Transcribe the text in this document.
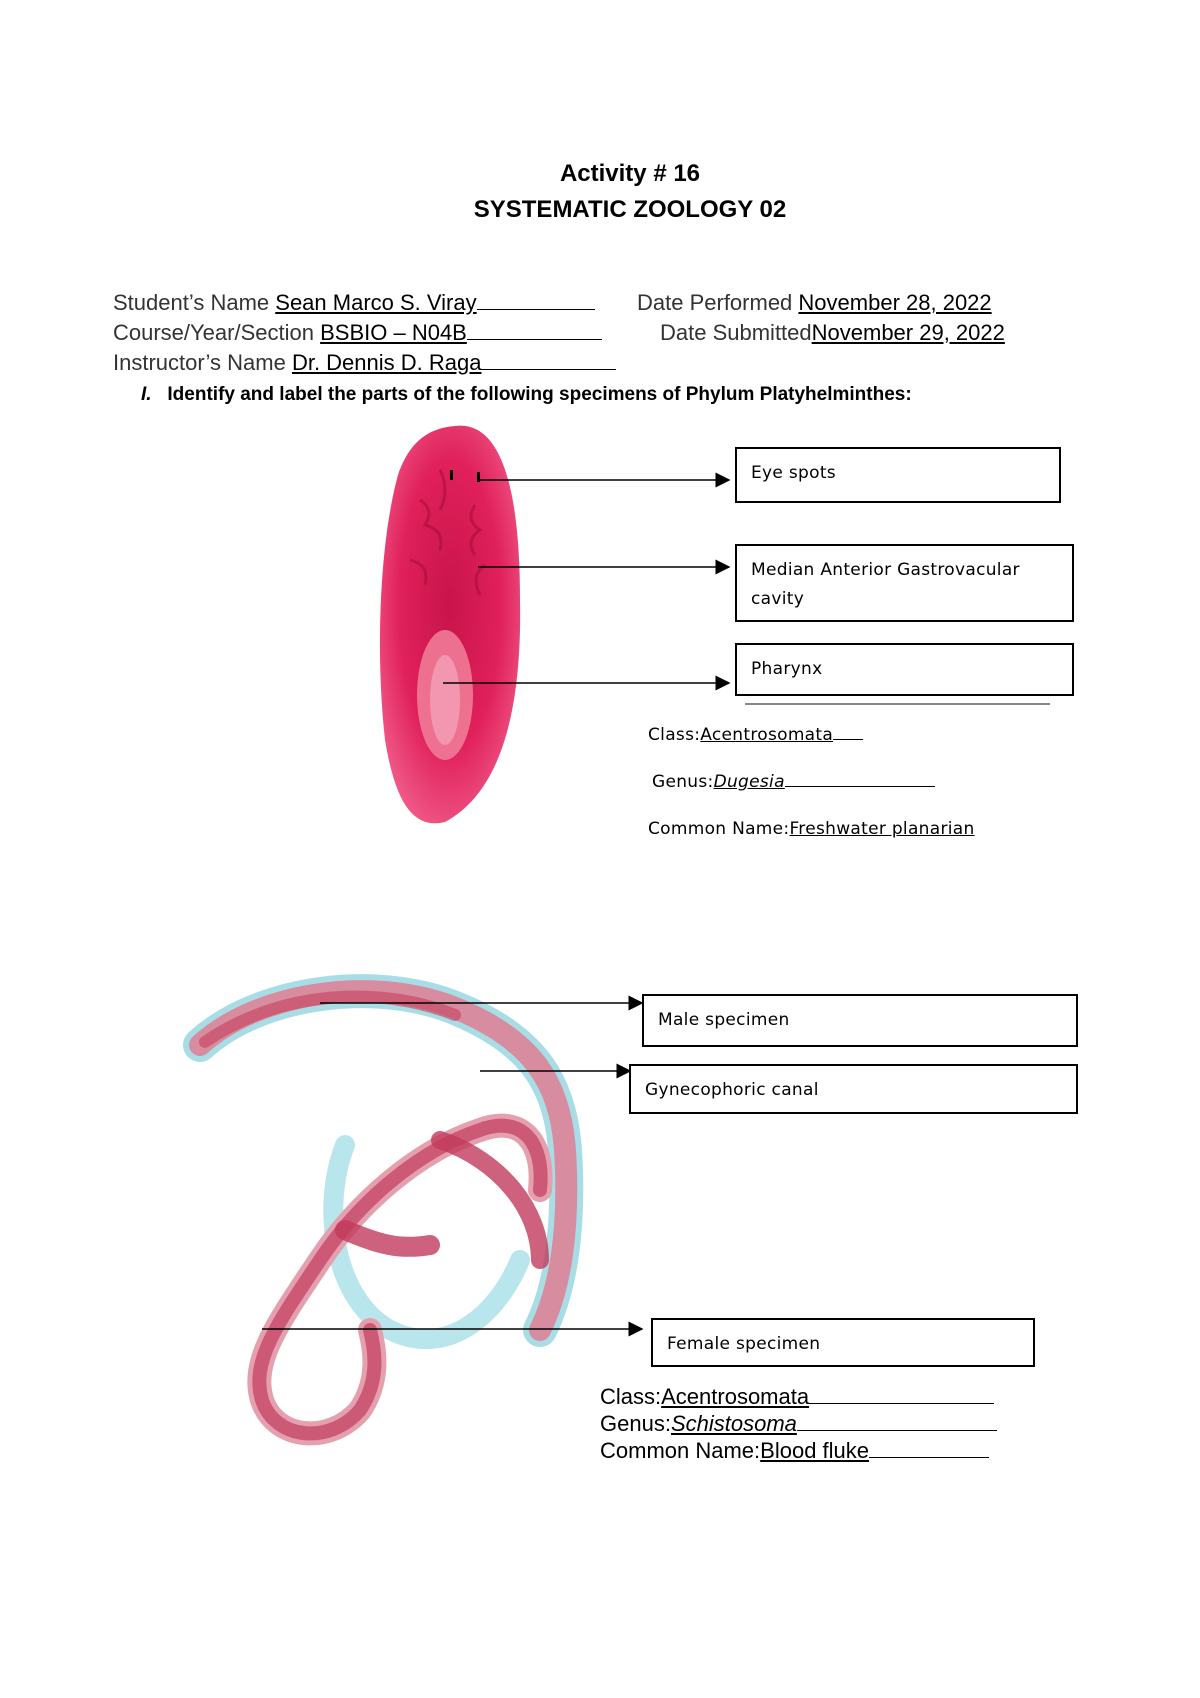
Activity # 16
SYSTEMATIC ZOOLOGY 02
Student’s Name Sean Marco S. Viray	Date Performed November 28, 2022
Course/Year/Section BSBIO – N04B	Date SubmittedNovember 29, 2022
Instructor’s Name Dr. Dennis D. Raga
I. Identify and label the parts of the following specimens of Phylum Platyhelminthes:
Eye spots
Median Anterior Gastrovacular cavity
Pharynx
Class:Acentrosomata
Genus:Dugesia
Common Name:Freshwater planarian
Male specimen
Gynecophoric canal
Female specimen
Class:Acentrosomata
Genus:Schistosoma
Common Name:Blood fluke
